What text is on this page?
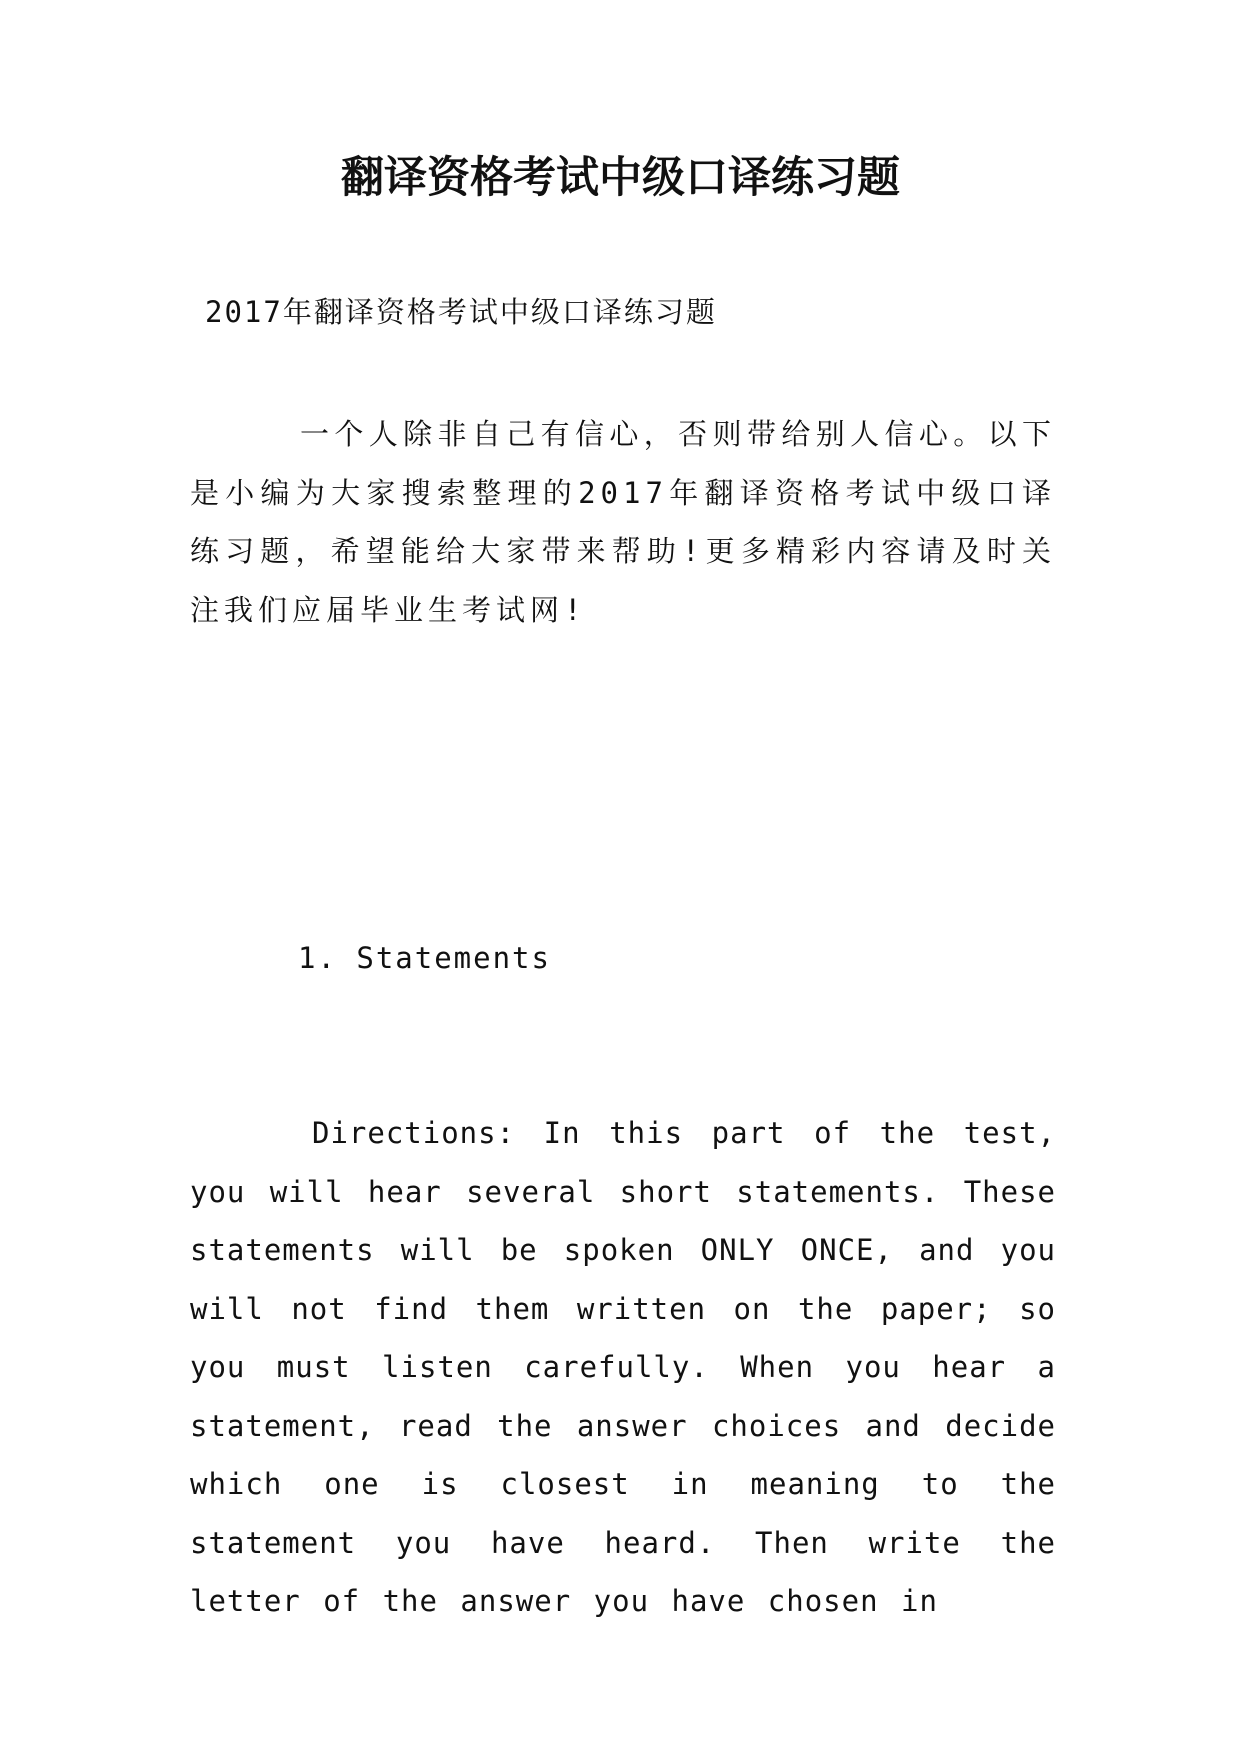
翻译资格考试中级口译练习题

2017年翻译资格考试中级口译练习题

一个人除非自己有信心，否则带给别人信心。以下是小编为大家搜索整理的2017年翻译资格考试中级口译练习题，希望能给大家带来帮助!更多精彩内容请及时关注我们应届毕业生考试网!

1. Statements

Directions: In this part of the test, you will hear several short statements. These statements will be spoken ONLY ONCE, and you will not find them written on the paper; so you must listen carefully. When you hear a statement, read the answer choices and decide which one is closest in meaning to the statement you have heard. Then write the letter of the answer you have chosen in
